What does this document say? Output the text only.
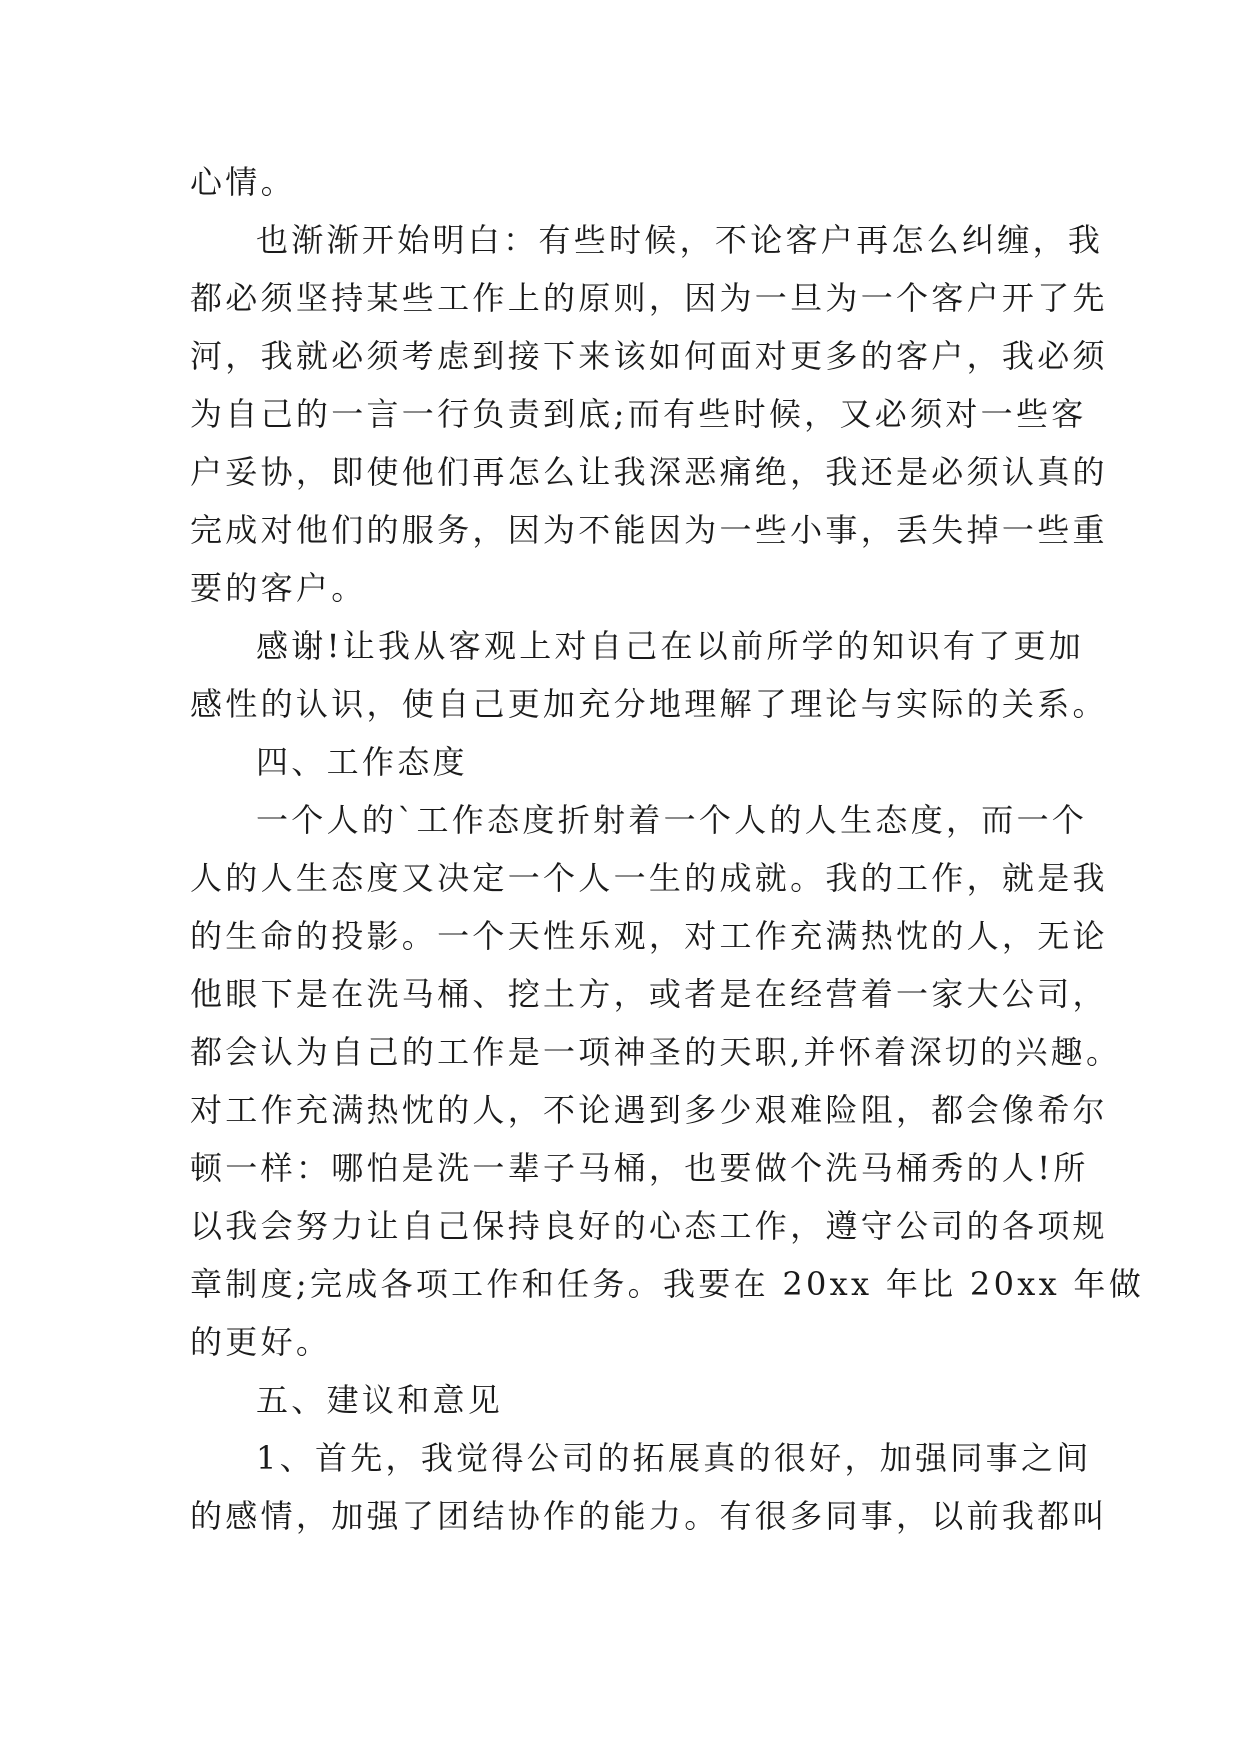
心情。
也渐渐开始明白：有些时候，不论客户再怎么纠缠，我
都必须坚持某些工作上的原则，因为一旦为一个客户开了先
河，我就必须考虑到接下来该如何面对更多的客户，我必须
为自己的一言一行负责到底;而有些时候，又必须对一些客
户妥协，即使他们再怎么让我深恶痛绝，我还是必须认真的
完成对他们的服务，因为不能因为一些小事，丢失掉一些重
要的客户。
感谢!让我从客观上对自己在以前所学的知识有了更加
感性的认识，使自己更加充分地理解了理论与实际的关系。
四、工作态度
一个人的`工作态度折射着一个人的人生态度，而一个
人的人生态度又决定一个人一生的成就。我的工作，就是我
的生命的投影。一个天性乐观，对工作充满热忱的人，无论
他眼下是在洗马桶、挖土方，或者是在经营着一家大公司，
都会认为自己的工作是一项神圣的天职,并怀着深切的兴趣。
对工作充满热忱的人，不论遇到多少艰难险阻，都会像希尔
顿一样：哪怕是洗一辈子马桶，也要做个洗马桶秀的人!所
以我会努力让自己保持良好的心态工作，遵守公司的各项规
章制度;完成各项工作和任务。我要在 20xx 年比 20xx 年做
的更好。
五、建议和意见
1、首先，我觉得公司的拓展真的很好，加强同事之间
的感情，加强了团结协作的能力。有很多同事，以前我都叫
